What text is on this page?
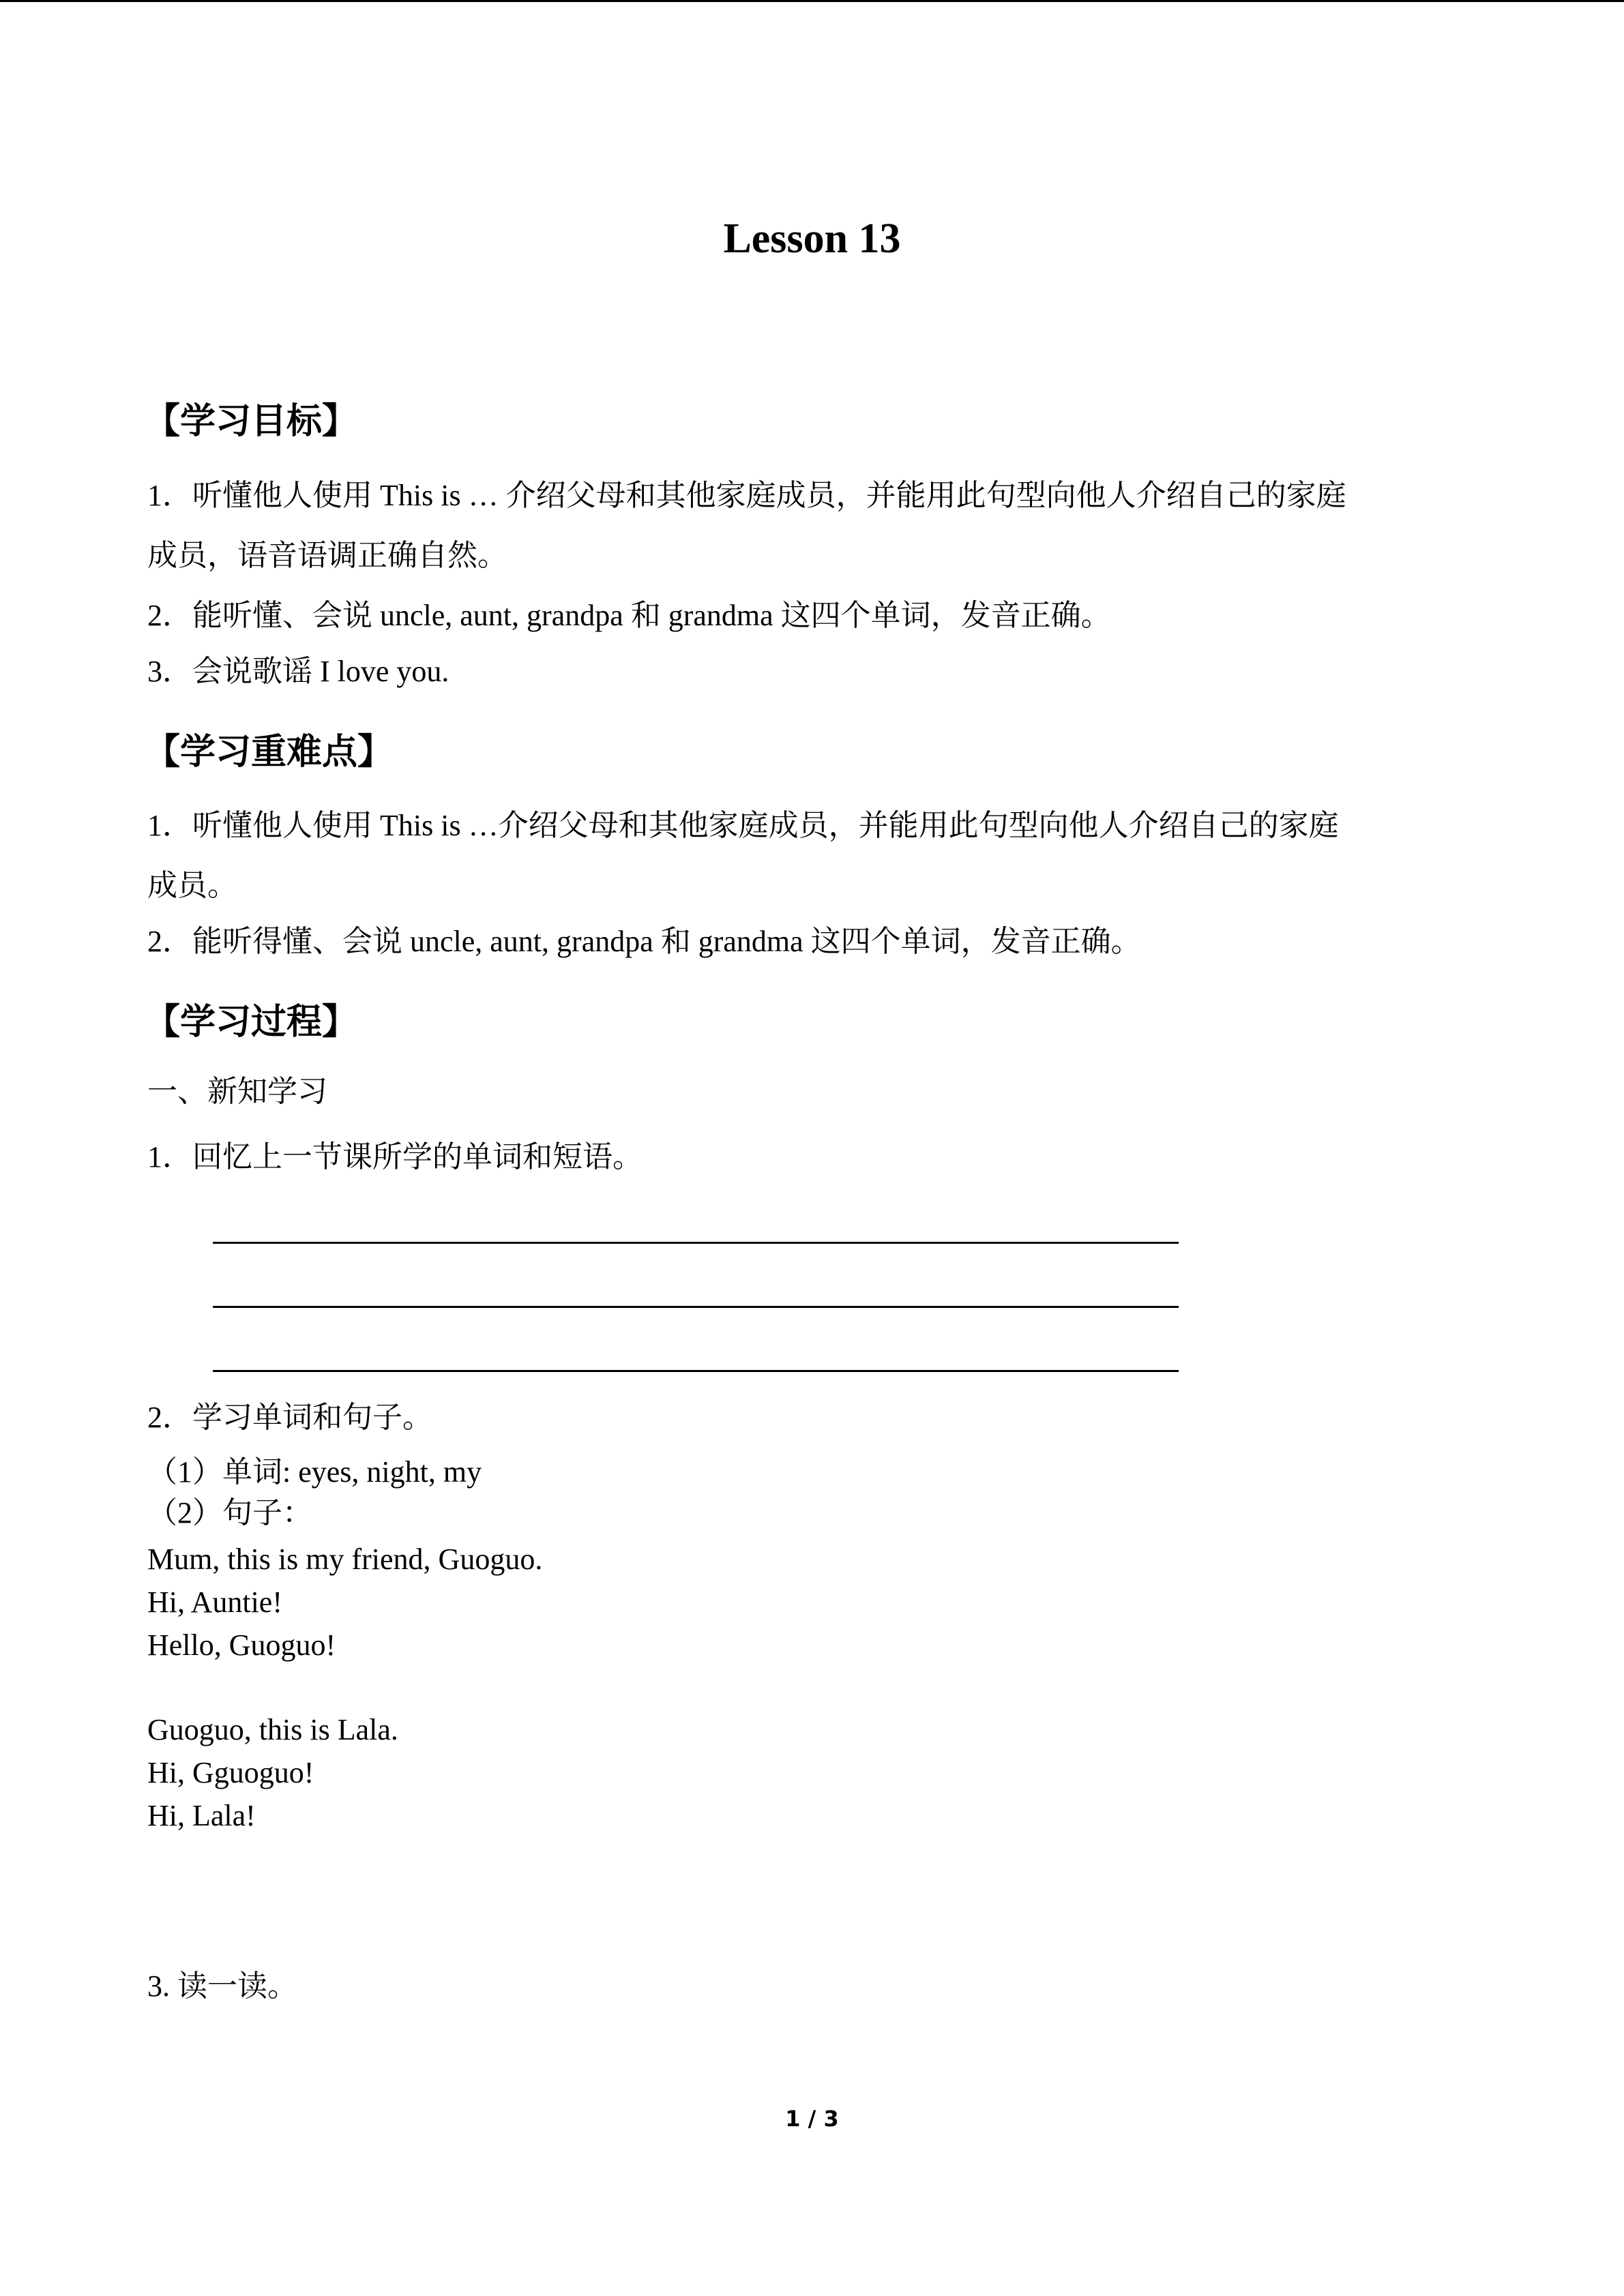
Lesson 13
【学习目标】
1．听懂他人使用 This is … 介绍父母和其他家庭成员，并能用此句型向他人介绍自己的家庭
成员，语音语调正确自然。
2．能听懂、会说 uncle, aunt, grandpa 和 grandma 这四个单词，发音正确。
3．会说歌谣 I love you.
【学习重难点】
1．听懂他人使用 This is …介绍父母和其他家庭成员，并能用此句型向他人介绍自己的家庭
成员。
2．能听得懂、会说 uncle, aunt, grandpa 和 grandma 这四个单词，发音正确。
【学习过程】
一、新知学习
1．回忆上一节课所学的单词和短语。
2．学习单词和句子。
（1）单词: eyes, night, my
（2）句子：
Mum, this is my friend, Guoguo.
Hi, Auntie!
Hello, Guoguo!
Guoguo, this is Lala.
Hi, Gguoguo!
Hi, Lala!
3. 读一读。
1 / 3
